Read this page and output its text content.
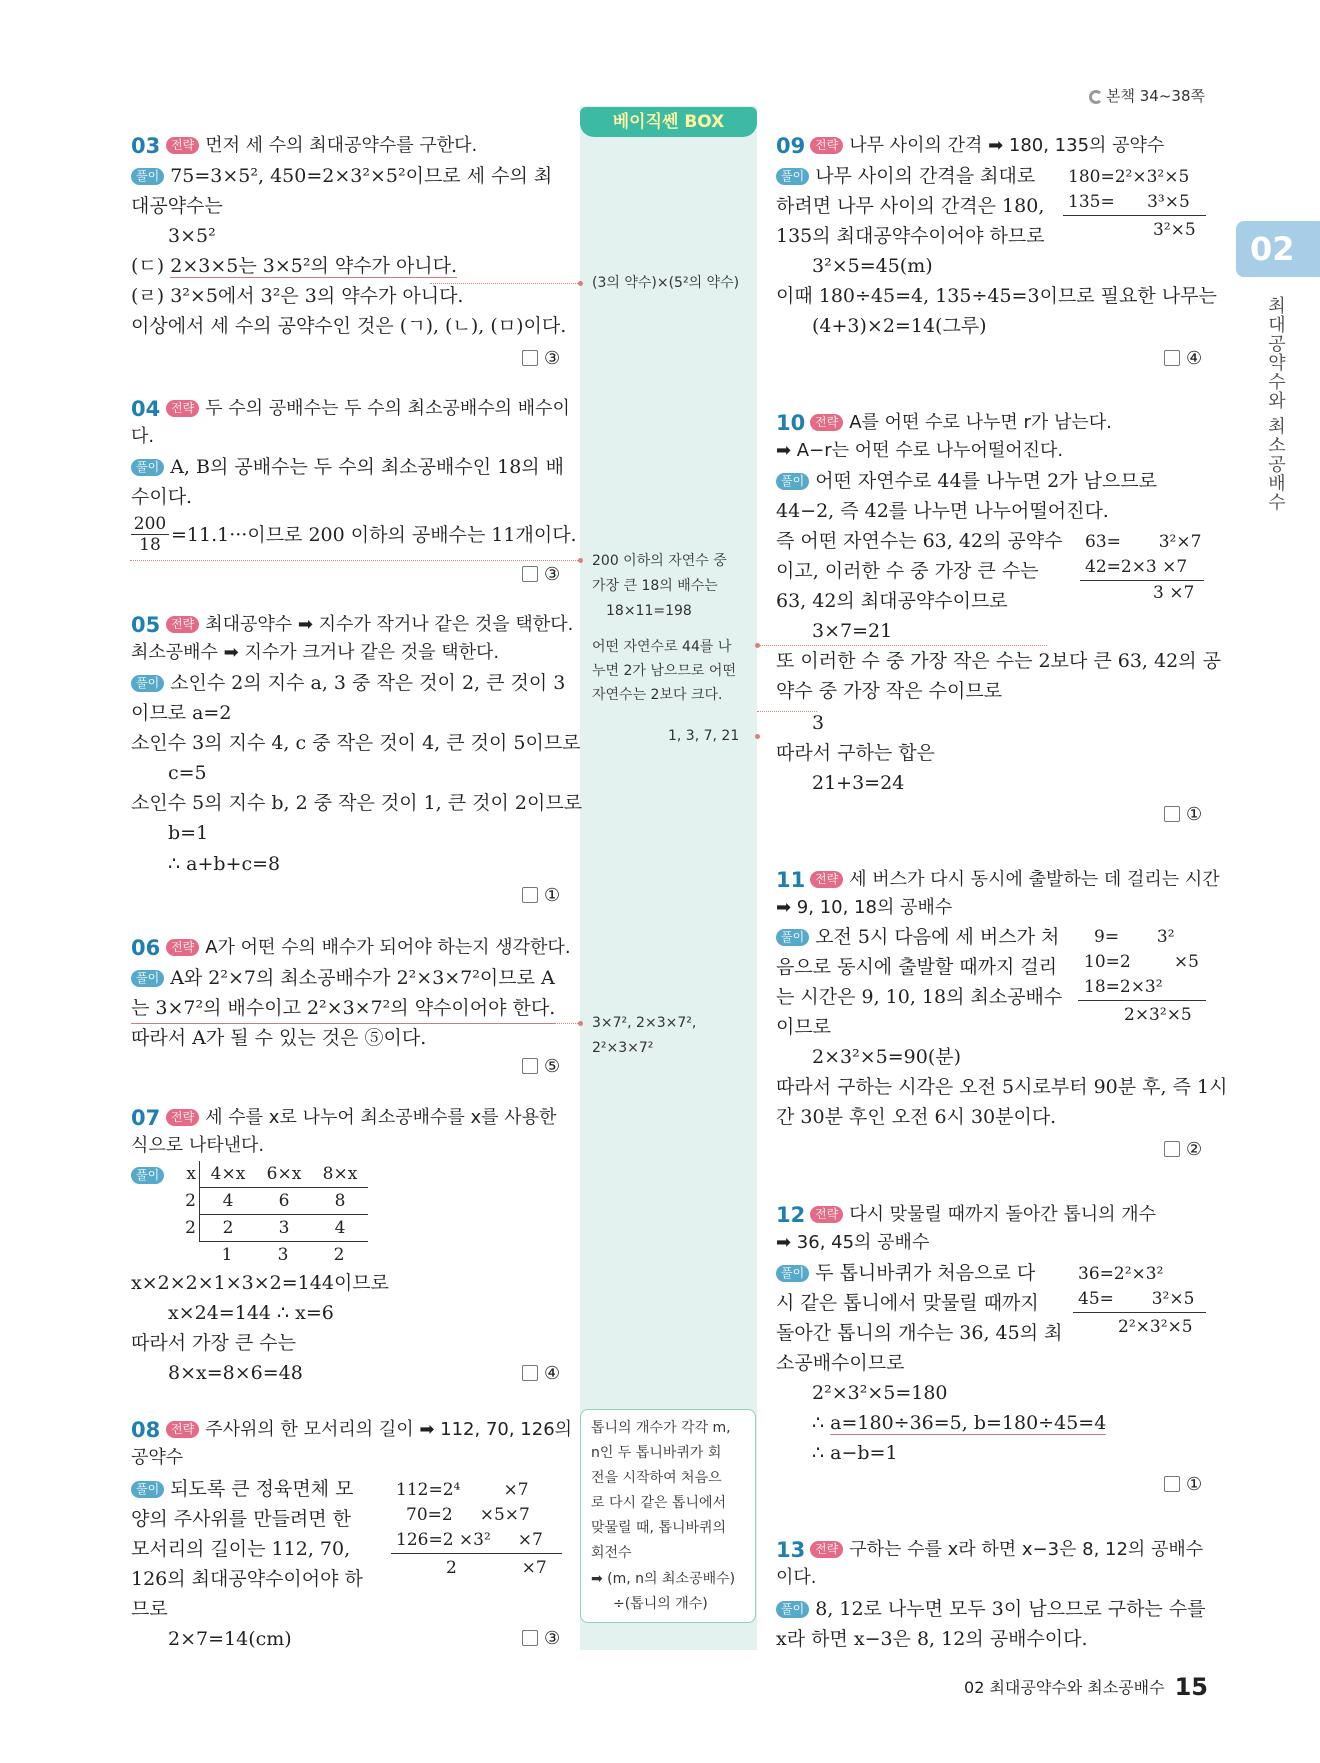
본책 34~38쪽
02
최대공약수와 최소공배수
베이직쎈 BOX
(3의 약수)×(5²의 약수)
200 이하의 자연수 중
가장 큰 18의 배수는
18×11=198
어떤 자연수로 44를 나
누면 2가 남으므로 어떤
자연수는 2보다 크다.
1, 3, 7, 21
3×7², 2×3×7²,
2²×3×7²
톱니의 개수가 각각 m,
n인 두 톱니바퀴가 회
전을 시작하여 처음으
로 다시 같은 톱니에서
맞물릴 때, 톱니바퀴의
회전수
➡ (m, n의 최소공배수)
÷(톱니의 개수)
03 전략 먼저 세 수의 최대공약수를 구한다.
풀이 75=3×5², 450=2×3²×5²이므로 세 수의 최
대공약수는
3×5²
(ㄷ) 2×3×5는 3×5²의 약수가 아니다.
(ㄹ) 3²×5에서 3²은 3의 약수가 아니다.
이상에서 세 수의 공약수인 것은 (ㄱ), (ㄴ), (ㅁ)이다.
③
04 전략 두 수의 공배수는 두 수의 최소공배수의 배수이
다.
풀이 A, B의 공배수는 두 수의 최소공배수인 18의 배
수이다.
200
18 =11.1···이므로 200 이하의 공배수는 11개이다.
③
05 전략 최대공약수 ➡ 지수가 작거나 같은 것을 택한다.
최소공배수 ➡ 지수가 크거나 같은 것을 택한다.
풀이 소인수 2의 지수 a, 3 중 작은 것이 2, 큰 것이 3
이므로 a=2
소인수 3의 지수 4, c 중 작은 것이 4, 큰 것이 5이므로
c=5
소인수 5의 지수 b, 2 중 작은 것이 1, 큰 것이 2이므로
b=1
∴ a+b+c=8
①
06 전략 A가 어떤 수의 배수가 되어야 하는지 생각한다.
풀이 A와 2²×7의 최소공배수가 2²×3×7²이므로 A
는 3×7²의 배수이고 2²×3×7²의 약수이어야 한다.
따라서 A가 될 수 있는 것은 ⑤이다.
⑤
07 전략 세 수를 x로 나누어 최소공배수를 x를 사용한
식으로 나타낸다.
풀이	x 4×x	6×x	8×x
2	4	6	8
2	2	3	4
1	3	2
x×2×2×1×3×2=144이므로
x×24=144 ∴ x=6
따라서 가장 큰 수는
8×x=8×6=48	④
08 전략 주사위의 한 모서리의 길이 ➡ 112, 70, 126의
공약수
풀이 되도록 큰 정육면체 모
양의 주사위를 만들려면 한
모서리의 길이는 112, 70,
126의 최대공약수이어야 하
므로
2×7=14(cm)
112=2⁴        ×7
70=2     ×5×7
126=2 ×3²     ×7
2            ×7
③
09 전략 나무 사이의 간격 ➡ 180, 135의 공약수
풀이 나무 사이의 간격을 최대로
하려면 나무 사이의 간격은 180,
135의 최대공약수이어야 하므로
3²×5=45(m)
이때 180÷45=4, 135÷45=3이므로 필요한 나무는
(4+3)×2=14(그루)
180=2²×3²×5
135=      3³×5
3²×5
④
10 전략 A를 어떤 수로 나누면 r가 남는다.
➡ A−r는 어떤 수로 나누어떨어진다.
풀이 어떤 자연수로 44를 나누면 2가 남으므로
44−2, 즉 42를 나누면 나누어떨어진다.
즉 어떤 자연수는 63, 42의 공약수
이고, 이러한 수 중 가장 큰 수는
63, 42의 최대공약수이므로
3×7=21
또 이러한 수 중 가장 작은 수는 2보다 큰 63, 42의 공
약수 중 가장 작은 수이므로
3
따라서 구하는 합은
21+3=24
63=       3²×7
42=2×3 ×7
3 ×7
①
11 전략 세 버스가 다시 동시에 출발하는 데 걸리는 시간
➡ 9, 10, 18의 공배수
풀이 오전 5시 다음에 세 버스가 처
음으로 동시에 출발할 때까지 걸리
는 시간은 9, 10, 18의 최소공배수
이므로
2×3²×5=90(분)
따라서 구하는 시각은 오전 5시로부터 90분 후, 즉 1시
간 30분 후인 오전 6시 30분이다.
9=       3²
10=2        ×5
18=2×3²
2×3²×5
②
12 전략 다시 맞물릴 때까지 돌아간 톱니의 개수
➡ 36, 45의 공배수
풀이 두 톱니바퀴가 처음으로 다
시 같은 톱니에서 맞물릴 때까지
돌아간 톱니의 개수는 36, 45의 최
소공배수이므로
2²×3²×5=180
∴ a=180÷36=5, b=180÷45=4
∴ a−b=1
36=2²×3²
45=       3²×5
2²×3²×5
①
13 전략 구하는 수를 x라 하면 x−3은 8, 12의 공배수
이다.
풀이 8, 12로 나누면 모두 3이 남으므로 구하는 수를
x라 하면 x−3은 8, 12의 공배수이다.
02 최대공약수와 최소공배수 15
